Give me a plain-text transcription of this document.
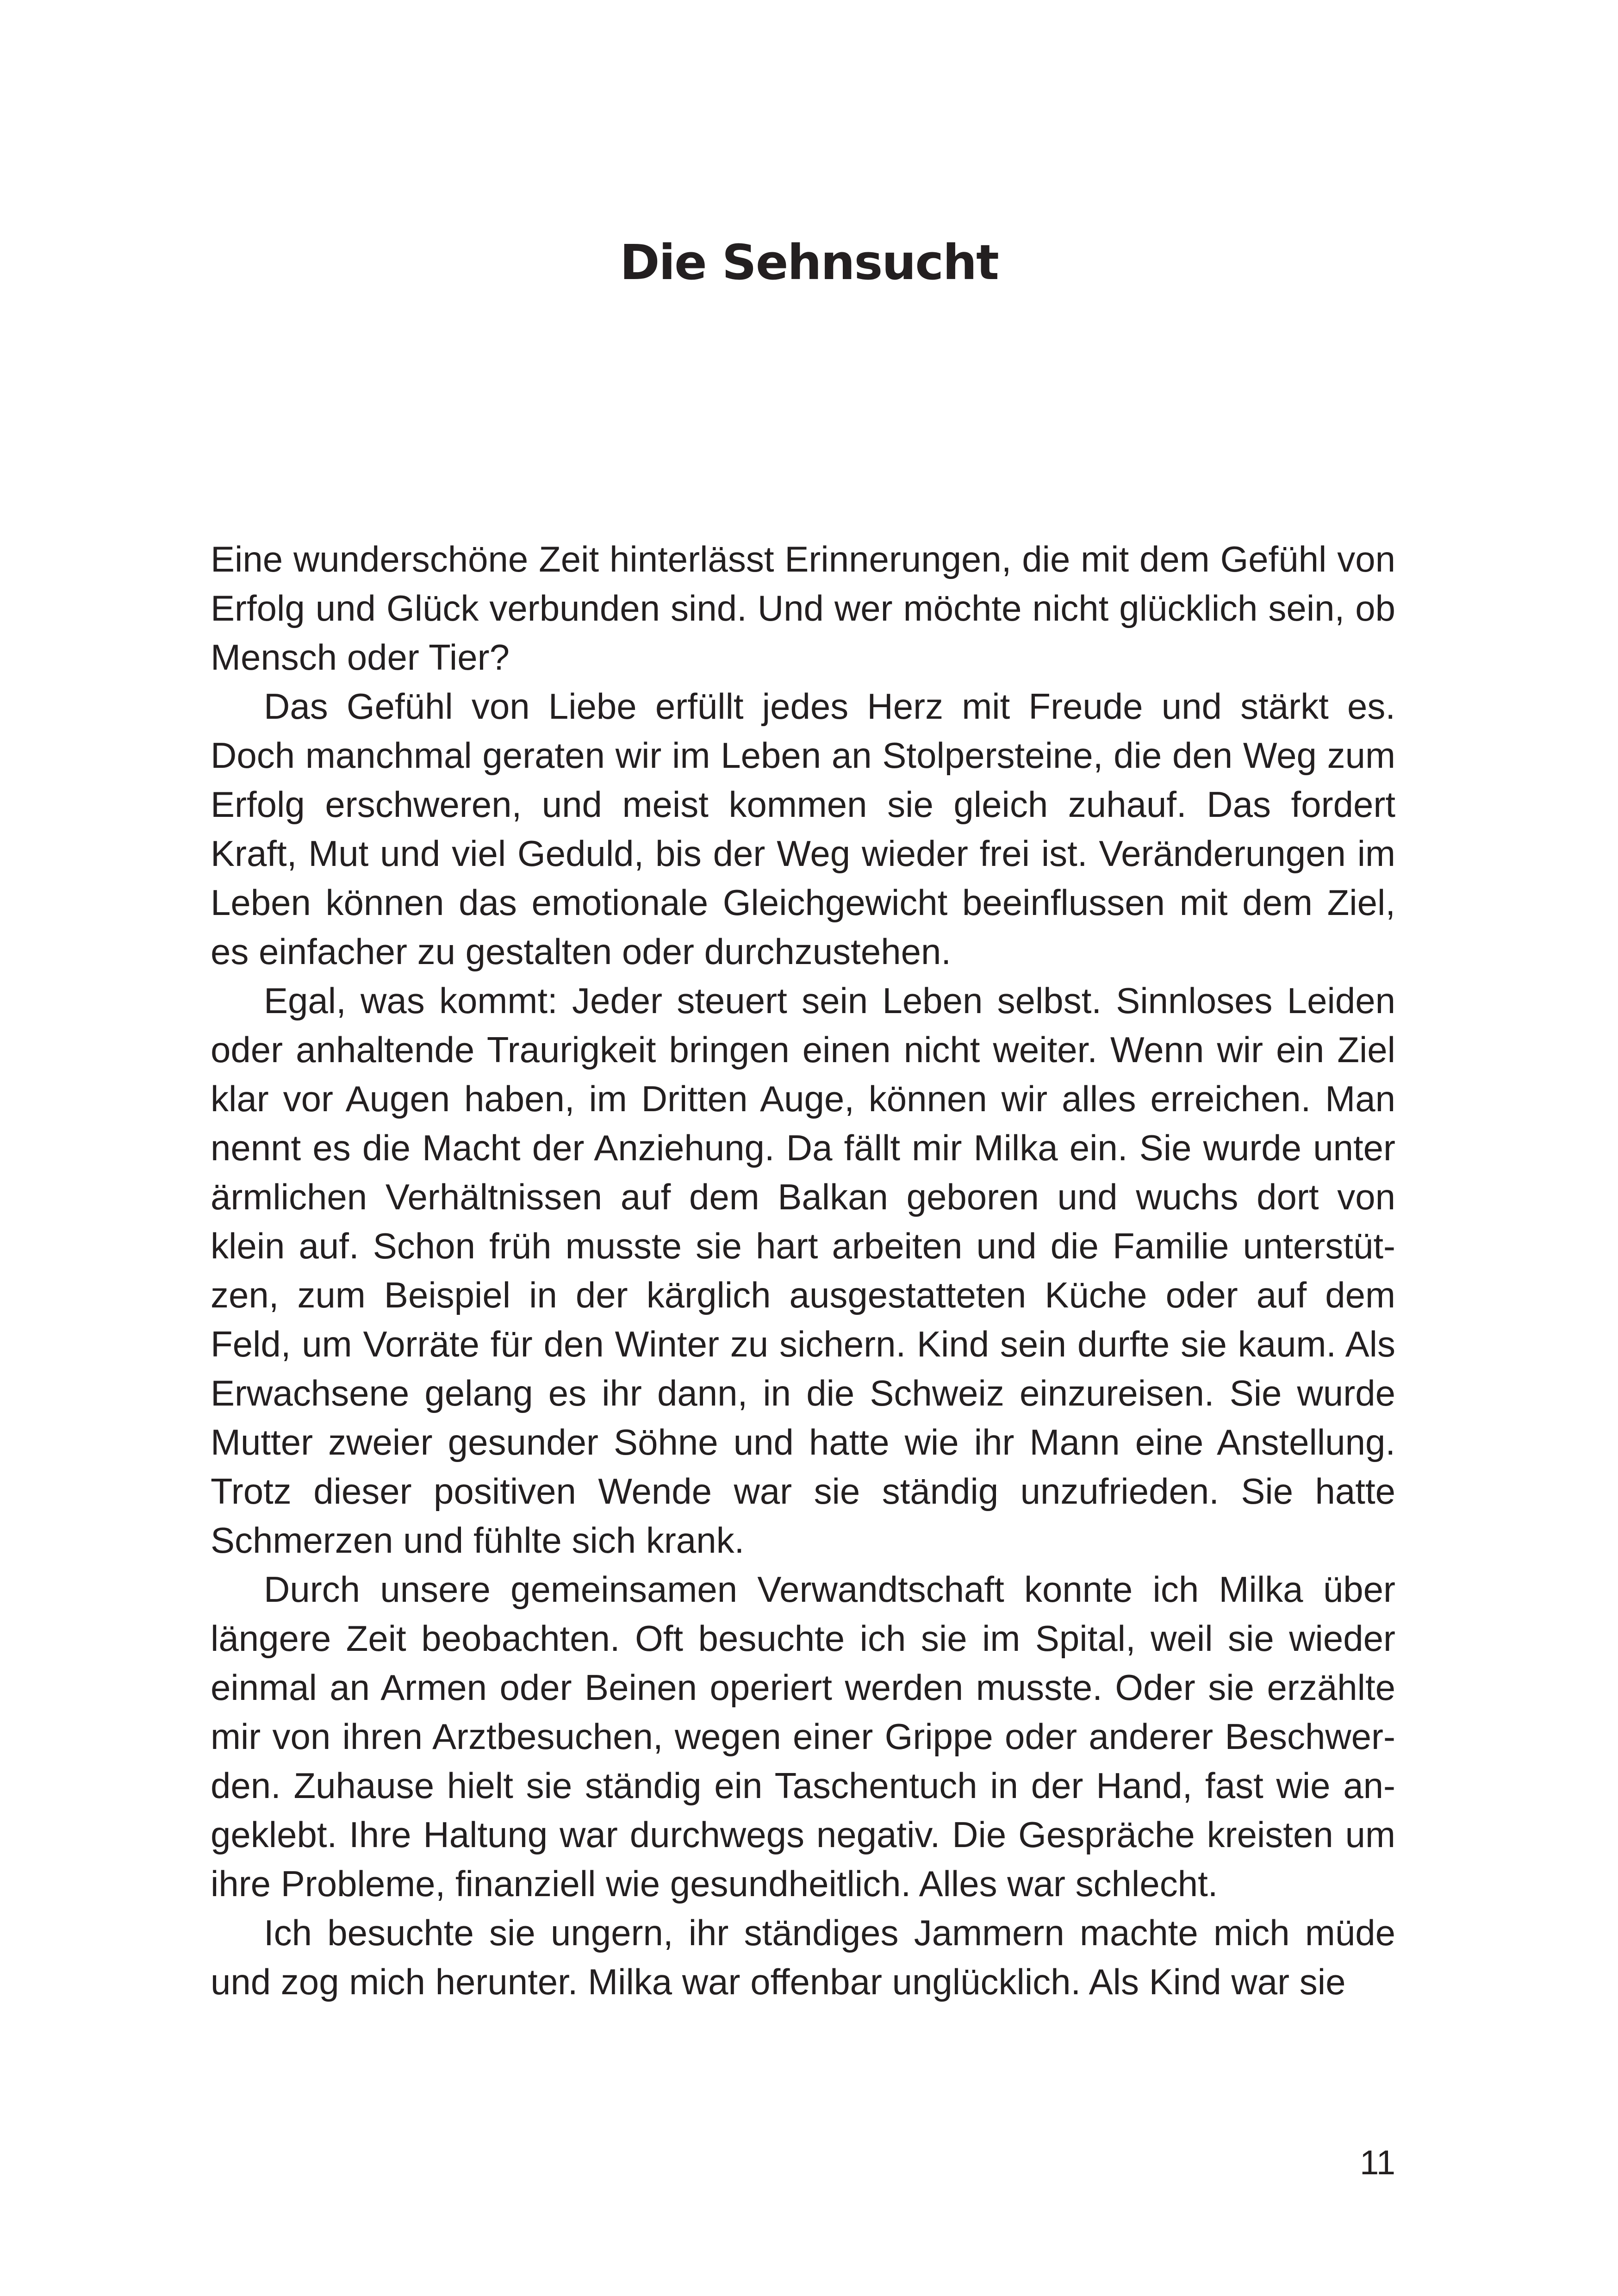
Die Sehnsucht

Eine wunderschöne Zeit hinterlässt Erinnerungen, die mit dem Gefühl von Erfolg und Glück verbunden sind. Und wer möchte nicht glücklich sein, ob Mensch oder Tier?

Das Gefühl von Liebe erfüllt jedes Herz mit Freude und stärkt es. Doch manchmal geraten wir im Leben an Stolpersteine, die den Weg zum Erfolg erschweren, und meist kommen sie gleich zuhauf. Das fordert Kraft, Mut und viel Geduld, bis der Weg wieder frei ist. Veränderungen im Leben können das emotionale Gleichgewicht beeinflussen mit dem Ziel, es einfacher zu gestalten oder durchzustehen.

Egal, was kommt: Jeder steuert sein Leben selbst. Sinnloses Leiden oder anhaltende Traurigkeit bringen einen nicht weiter. Wenn wir ein Ziel klar vor Augen haben, im Dritten Auge, können wir alles erreichen. Man nennt es die Macht der Anziehung. Da fällt mir Milka ein. Sie wurde unter ärmlichen Verhältnissen auf dem Balkan geboren und wuchs dort von klein auf. Schon früh musste sie hart arbeiten und die Familie unterstützen, zum Beispiel in der kärglich ausgestatteten Küche oder auf dem Feld, um Vorräte für den Winter zu sichern. Kind sein durfte sie kaum. Als Erwachsene gelang es ihr dann, in die Schweiz einzureisen. Sie wurde Mutter zweier gesunder Söhne und hatte wie ihr Mann eine Anstellung. Trotz dieser positiven Wende war sie ständig unzufrieden. Sie hatte Schmerzen und fühlte sich krank.

Durch unsere gemeinsamen Verwandtschaft konnte ich Milka über längere Zeit beobachten. Oft besuchte ich sie im Spital, weil sie wieder einmal an Armen oder Beinen operiert werden musste. Oder sie erzählte mir von ihren Arztbesuchen, wegen einer Grippe oder anderer Beschwerden. Zuhause hielt sie ständig ein Taschentuch in der Hand, fast wie angeklebt. Ihre Haltung war durchwegs negativ. Die Gespräche kreisten um ihre Probleme, finanziell wie gesundheitlich. Alles war schlecht.

Ich besuchte sie ungern, ihr ständiges Jammern machte mich müde und zog mich herunter. Milka war offenbar unglücklich. Als Kind war sie

11
